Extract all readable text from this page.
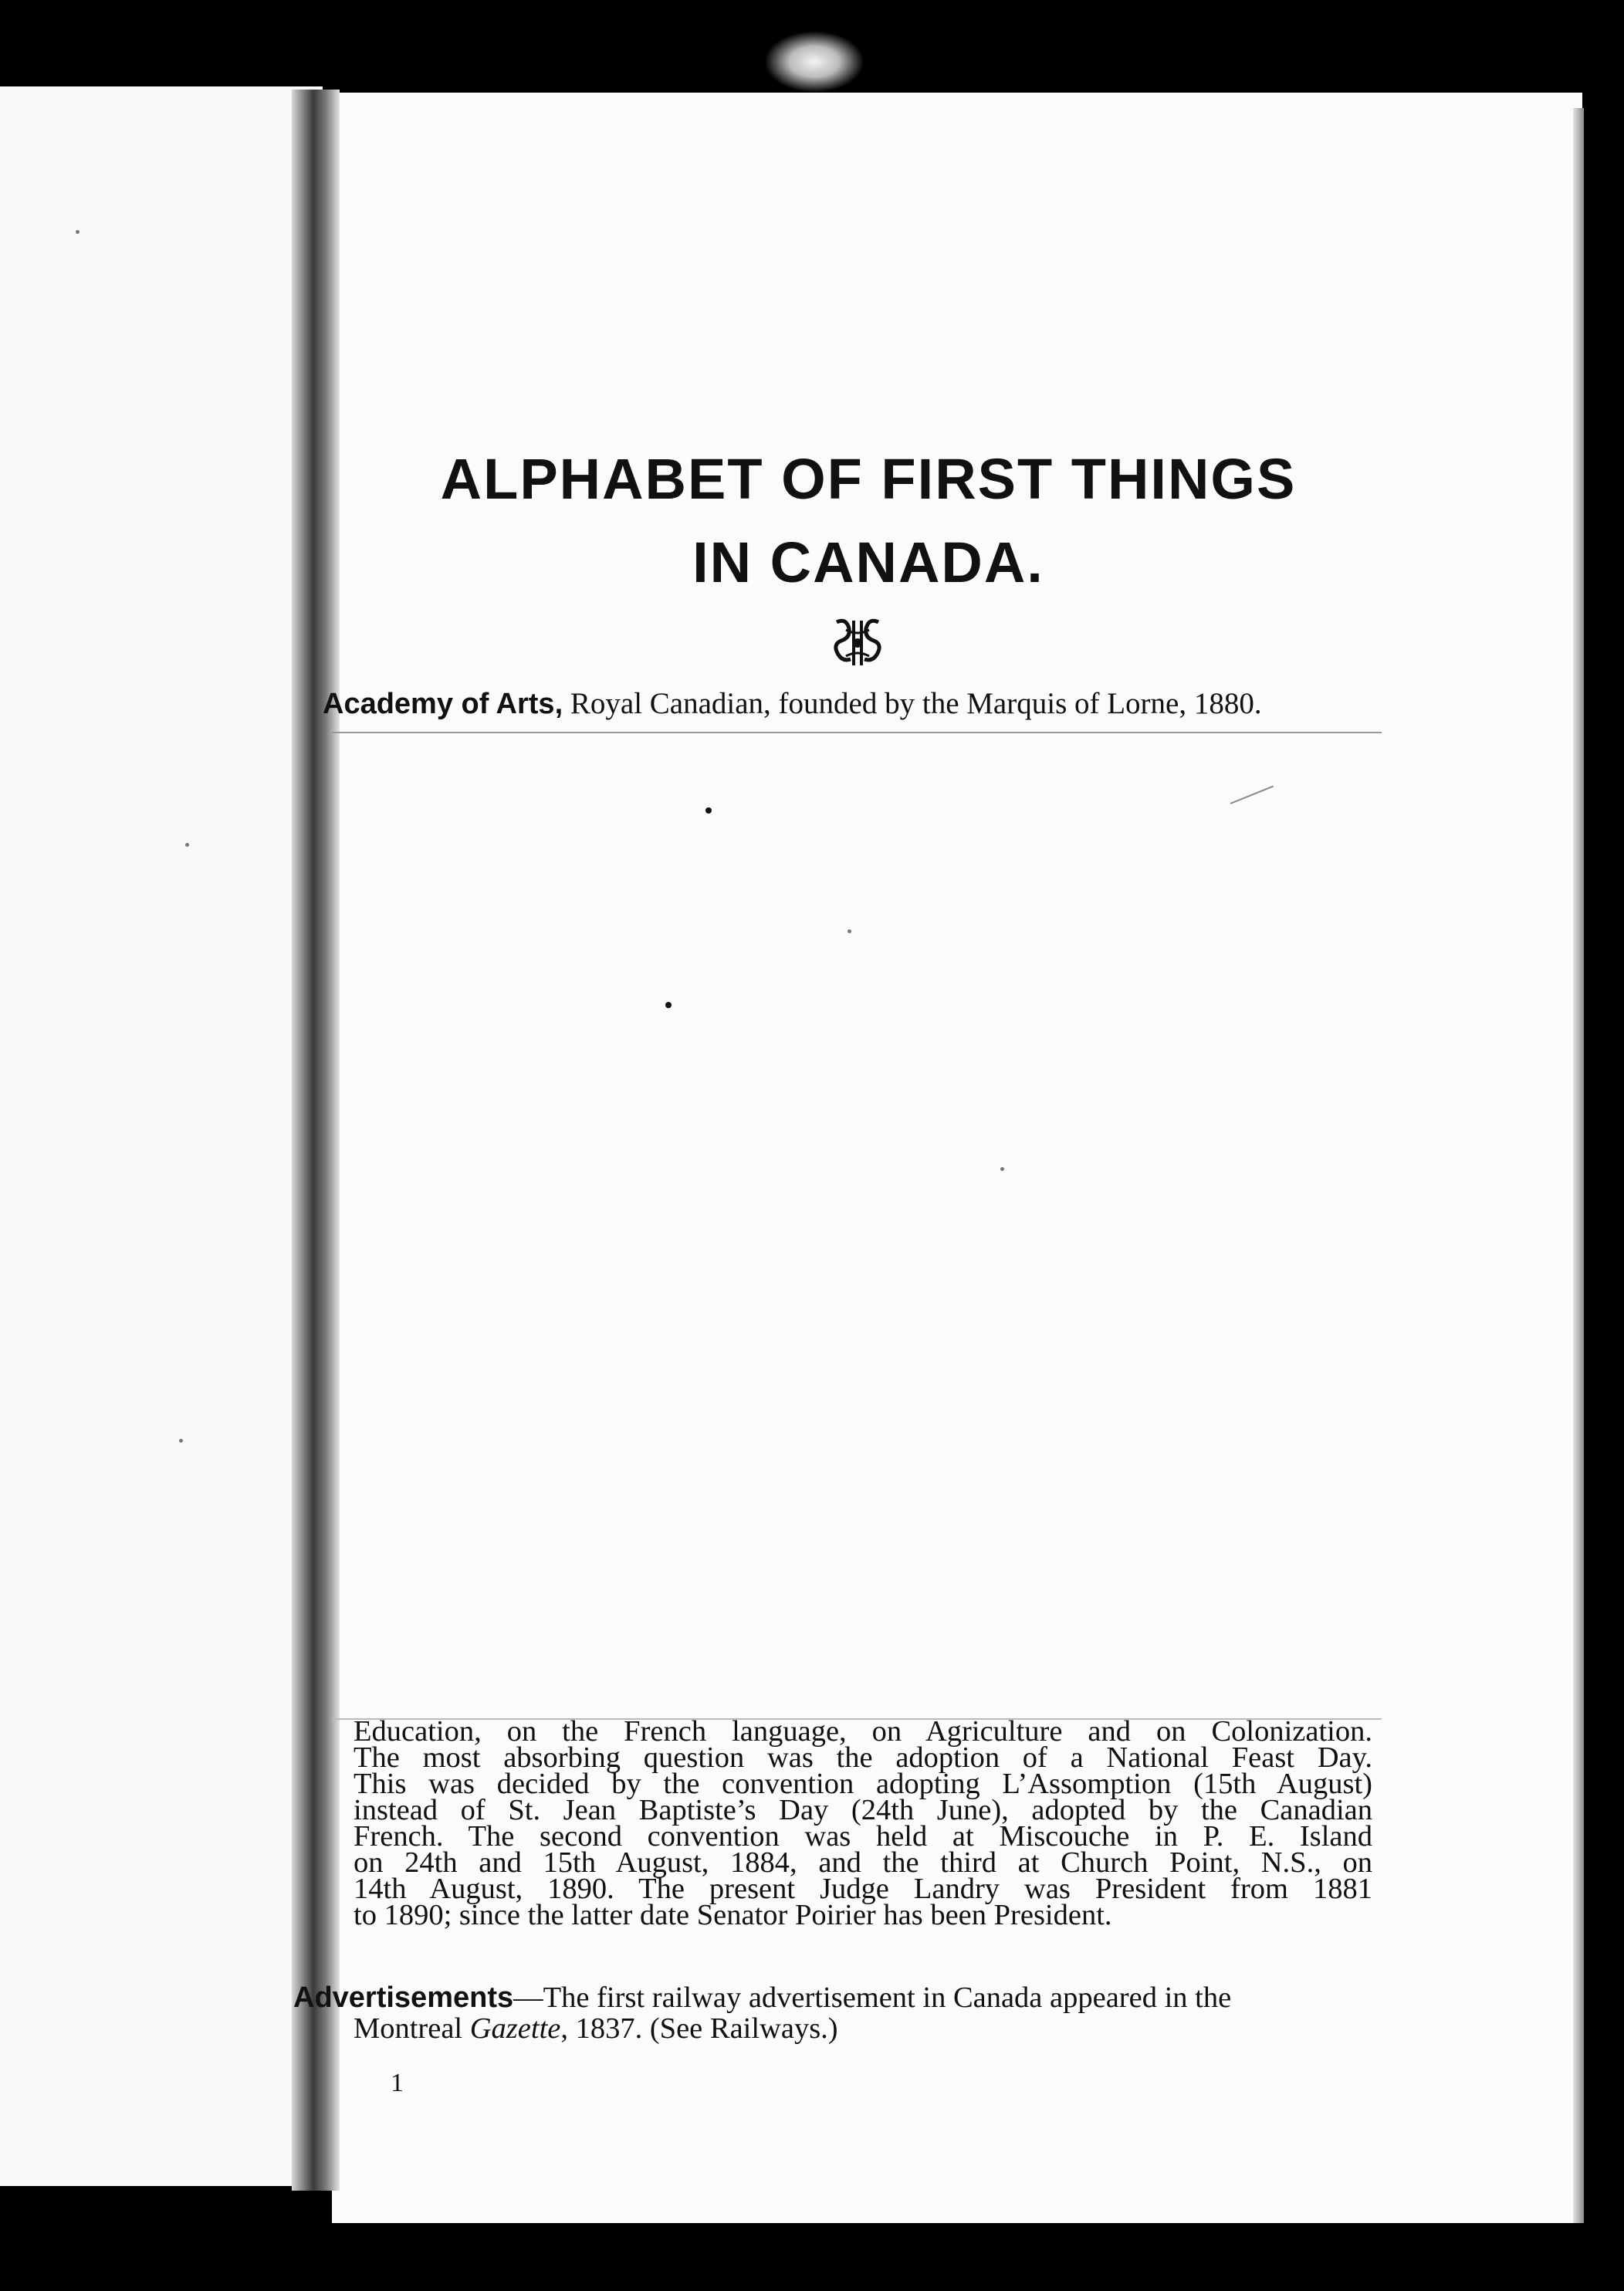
ALPHABET OF FIRST THINGS
IN CANADA.
Academy of Arts, Royal Canadian, founded by the Marquis of Lorne, 1880.
Education, on the French language, on Agriculture and on Colonization.
The most absorbing question was the adoption of a National Feast Day.
This was decided by the convention adopting L’Assomption (15th August)
instead of St. Jean Baptiste’s Day (24th June), adopted by the Canadian
French. The second convention was held at Miscouche in P. E. Island
on 24th and 15th August, 1884, and the third at Church Point, N.S., on
14th August, 1890. The present Judge Landry was President from 1881
to 1890; since the latter date Senator Poirier has been President.
Advertisements—The first railway advertisement in Canada appeared in the
Montreal Gazette, 1837. (See Railways.)
1
